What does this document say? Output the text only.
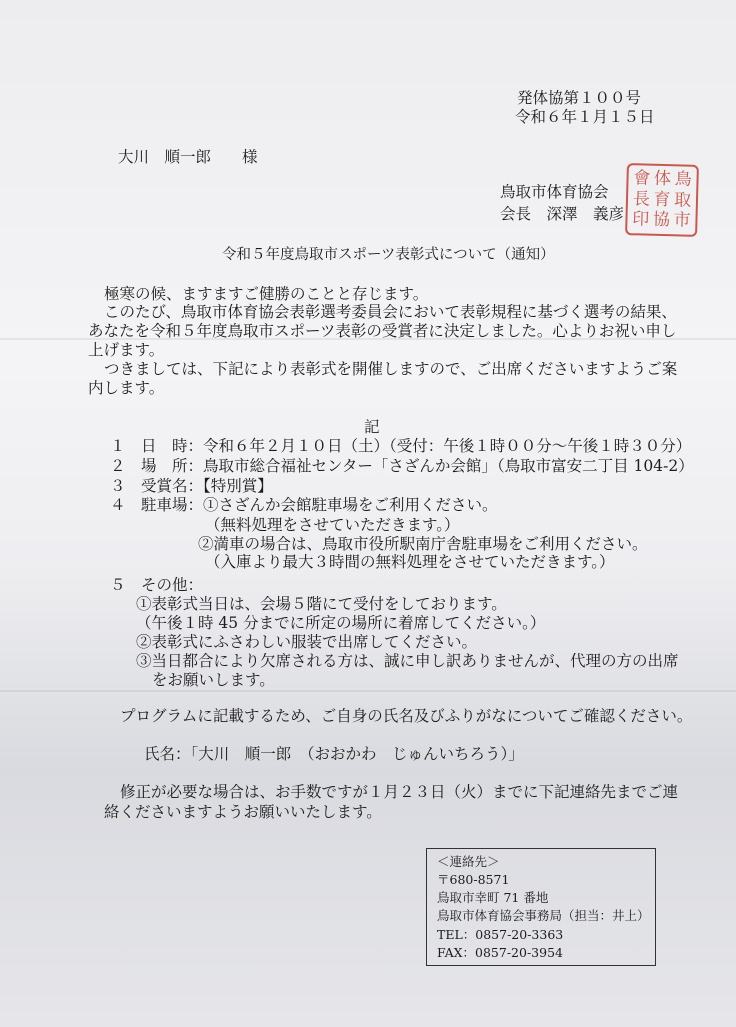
発体協第１００号
令和６年１月１５日
大川　順一郎　　様
鳥取市体育協会
会長　深澤　義彦
會 体 鳥
長 育 取
印 協 市
令和５年度鳥取市スポーツ表彰式について（通知）
極寒の候、ますますご健勝のことと存じます。
このたび、鳥取市体育協会表彰選考委員会において表彰規程に基づく選考の結果、
あなたを令和５年度鳥取市スポーツ表彰の受賞者に決定しました。心よりお祝い申し
上げます。
つきましては、下記により表彰式を開催しますので、ご出席くださいますようご案
内します。
記
１　日　時：令和６年２月１０日（土）（受付：午後１時００分～午後１時３０分）
２　場　所：鳥取市総合福祉センター「さざんか会館」（鳥取市富安二丁目 104-2）
３　受賞名：【特別賞】
４　駐車場：①さざんか会館駐車場をご利用ください。
（無料処理をさせていただきます。）
②満車の場合は、鳥取市役所駅南庁舎駐車場をご利用ください。
（入庫より最大３時間の無料処理をさせていただきます。）
５　その他：
①表彰式当日は、会場５階にて受付をしております。
（午後１時 45 分までに所定の場所に着席してください。）
②表彰式にふさわしい服装で出席してください。
③当日都合により欠席される方は、誠に申し訳ありませんが、代理の方の出席
をお願いします。
プログラムに記載するため、ご自身の氏名及びふりがなについてご確認ください。
氏名：「大川　順一郎　（おおかわ　じゅんいちろう）」
修正が必要な場合は、お手数ですが１月２３日（火）までに下記連絡先までご連
絡くださいますようお願いいたします。
＜連絡先＞
〒680-8571
鳥取市幸町 71 番地
鳥取市体育協会事務局（担当：井上）
TEL：0857-20-3363
FAX：0857-20-3954
